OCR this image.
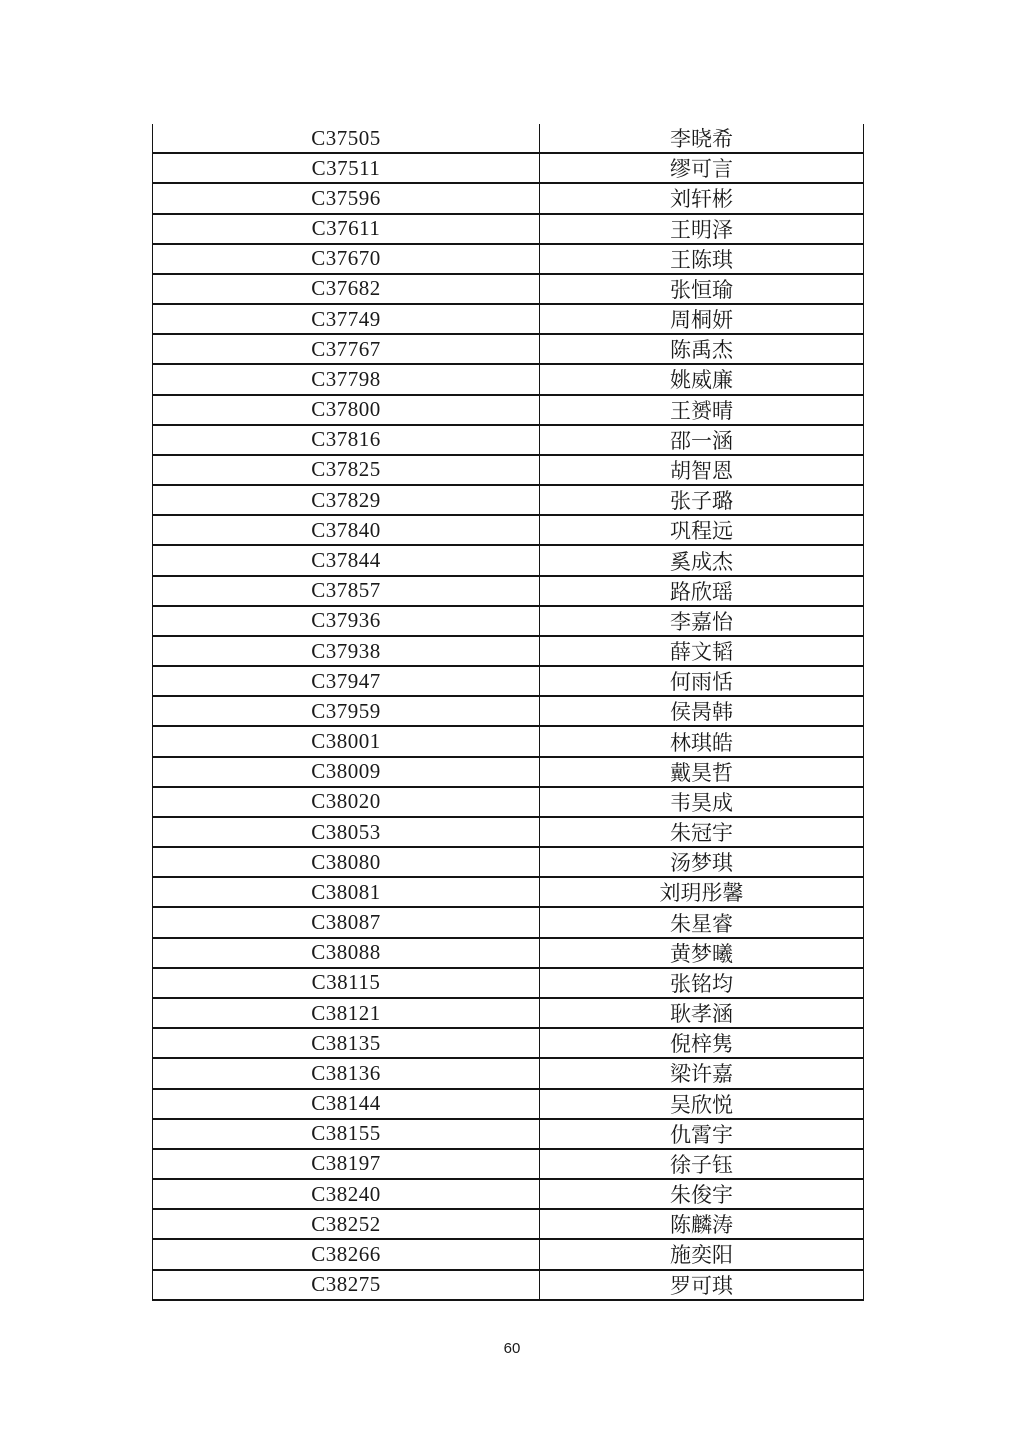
C37505	李晓希
C37511	缪可言
C37596	刘轩彬
C37611	王明泽
C37670	王陈琪
C37682	张恒瑜
C37749	周桐妍
C37767	陈禹杰
C37798	姚威廉
C37800	王赟晴
C37816	邵一涵
C37825	胡智恩
C37829	张子璐
C37840	巩程远
C37844	奚成杰
C37857	路欣瑶
C37936	李嘉怡
C37938	薛文韬
C37947	何雨恬
C37959	侯昺韩
C38001	林琪皓
C38009	戴昊哲
C38020	韦昊成
C38053	朱冠宇
C38080	汤梦琪
C38081	刘玥彤馨
C38087	朱星睿
C38088	黄梦曦
C38115	张铭均
C38121	耿孝涵
C38135	倪梓隽
C38136	梁许嘉
C38144	吴欣悦
C38155	仇霄宇
C38197	徐子钰
C38240	朱俊宇
C38252	陈麟涛
C38266	施奕阳
C38275	罗可琪
60
